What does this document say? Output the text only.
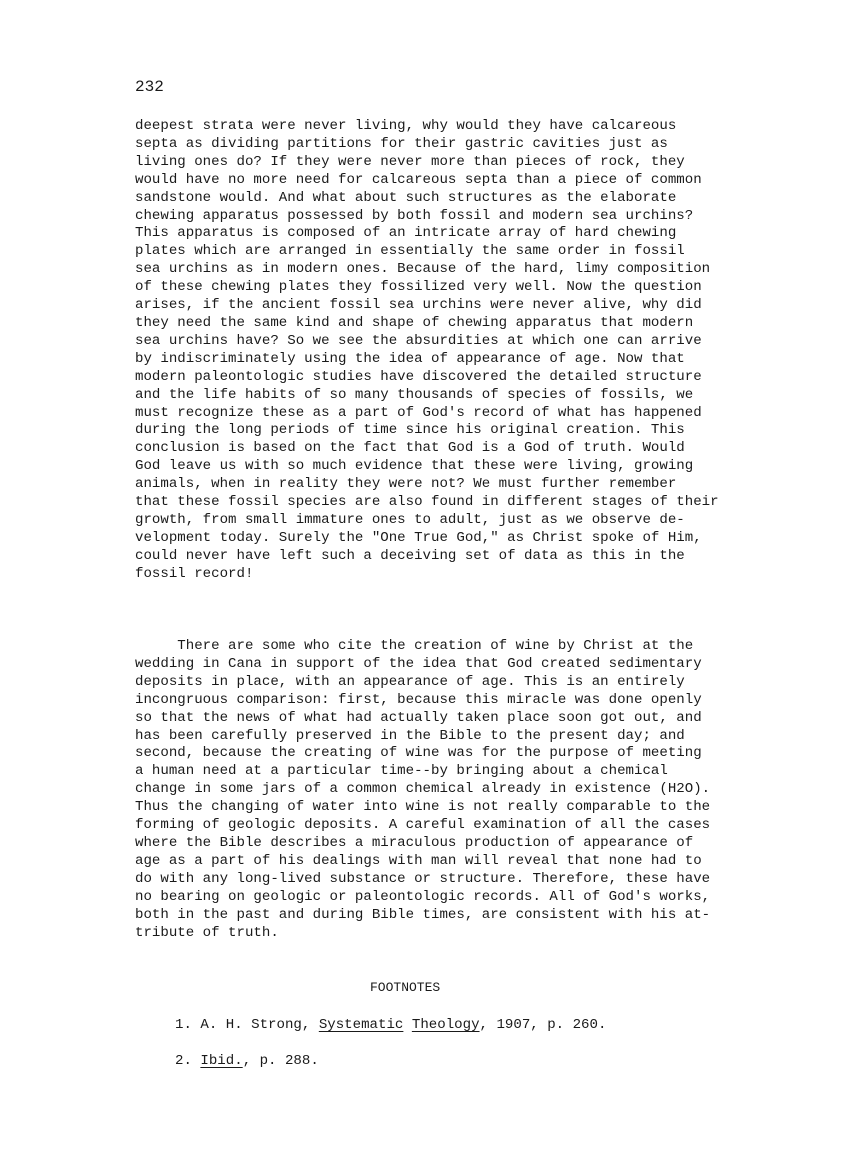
232
deepest strata were never living, why would they have calcareous
septa as dividing partitions for their gastric cavities just as
living ones do? If they were never more than pieces of rock, they
would have no more need for calcareous septa than a piece of common
sandstone would. And what about such structures as the elaborate
chewing apparatus possessed by both fossil and modern sea urchins?
This apparatus is composed of an intricate array of hard chewing
plates which are arranged in essentially the same order in fossil
sea urchins as in modern ones. Because of the hard, limy composition
of these chewing plates they fossilized very well. Now the question
arises, if the ancient fossil sea urchins were never alive, why did
they need the same kind and shape of chewing apparatus that modern
sea urchins have? So we see the absurdities at which one can arrive
by indiscriminately using the idea of appearance of age. Now that
modern paleontologic studies have discovered the detailed structure
and the life habits of so many thousands of species of fossils, we
must recognize these as a part of God's record of what has happened
during the long periods of time since his original creation. This
conclusion is based on the fact that God is a God of truth. Would
God leave us with so much evidence that these were living, growing
animals, when in reality they were not? We must further remember
that these fossil species are also found in different stages of their
growth, from small immature ones to adult, just as we observe de-
velopment today. Surely the "One True God," as Christ spoke of Him,
could never have left such a deceiving set of data as this in the
fossil record!
There are some who cite the creation of wine by Christ at the
wedding in Cana in support of the idea that God created sedimentary
deposits in place, with an appearance of age. This is an entirely
incongruous comparison: first, because this miracle was done openly
so that the news of what had actually taken place soon got out, and
has been carefully preserved in the Bible to the present day; and
second, because the creating of wine was for the purpose of meeting
a human need at a particular time--by bringing about a chemical
change in some jars of a common chemical already in existence (H2O).
Thus the changing of water into wine is not really comparable to the
forming of geologic deposits. A careful examination of all the cases
where the Bible describes a miraculous production of appearance of
age as a part of his dealings with man will reveal that none had to
do with any long-lived substance or structure. Therefore, these have
no bearing on geologic or paleontologic records. All of God's works,
both in the past and during Bible times, are consistent with his at-
tribute of truth.
FOOTNOTES
1. A. H. Strong, Systematic Theology, 1907, p. 260.
2. Ibid., p. 288.
